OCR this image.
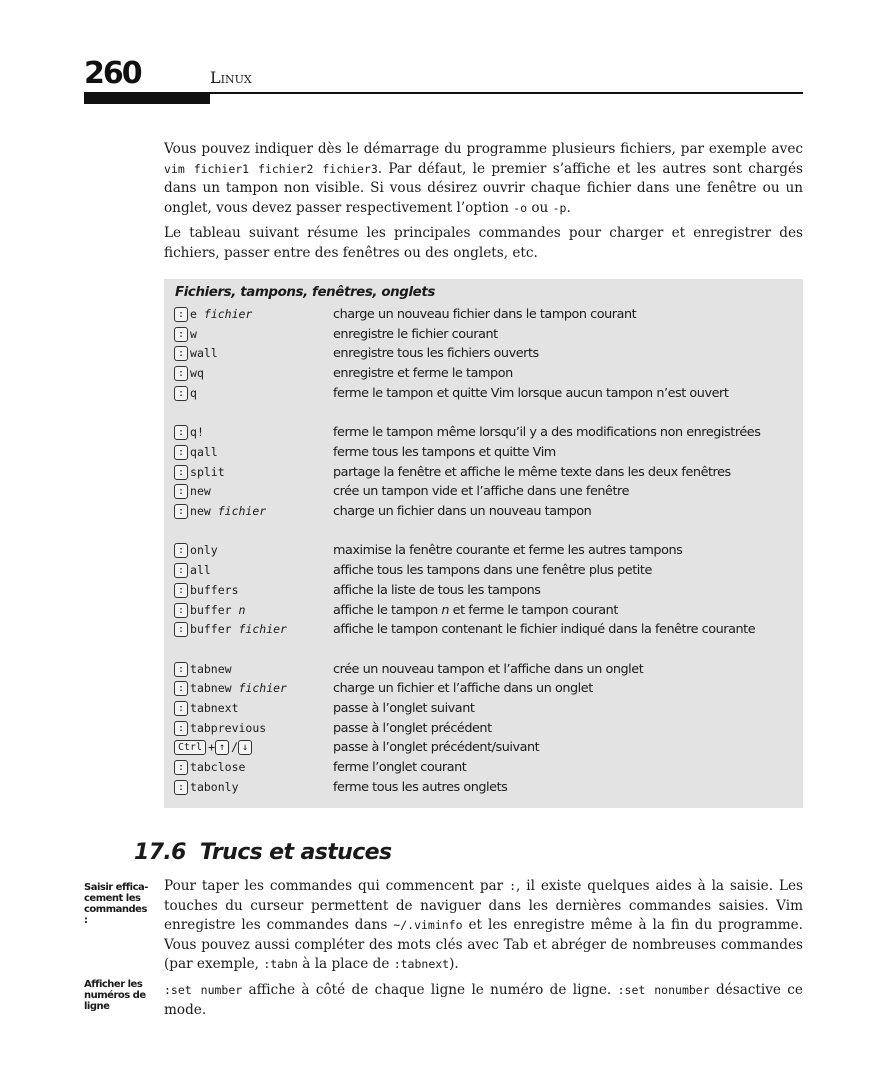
260	Linux

Vous pouvez indiquer dès le démarrage du programme plusieurs fichiers, par exemple avec vim fichier1 fichier2 fichier3. Par défaut, le premier s’affiche et les autres sont chargés dans un tampon non visible. Si vous désirez ouvrir chaque fichier dans une fenêtre ou un onglet, vous devez passer respectivement l’option -o ou -p.

Le tableau suivant résume les principales commandes pour charger et enregistrer des fichiers, passer entre des fenêtres ou des onglets, etc.

Fichiers, tampons, fenêtres, onglets
: e fichier	charge un nouveau fichier dans le tampon courant
: w	enregistre le fichier courant
: wall	enregistre tous les fichiers ouverts
: wq	enregistre et ferme le tampon
: q	ferme le tampon et quitte Vim lorsque aucun tampon n’est ouvert
: q!	ferme le tampon même lorsqu’il y a des modifications non enregistrées
: qall	ferme tous les tampons et quitte Vim
: split	partage la fenêtre et affiche le même texte dans les deux fenêtres
: new	crée un tampon vide et l’affiche dans une fenêtre
: new fichier	charge un fichier dans un nouveau tampon
: only	maximise la fenêtre courante et ferme les autres tampons
: all	affiche tous les tampons dans une fenêtre plus petite
: buffers	affiche la liste de tous les tampons
: buffer n	affiche le tampon n et ferme le tampon courant
: buffer fichier	affiche le tampon contenant le fichier indiqué dans la fenêtre courante
: tabnew	crée un nouveau tampon et l’affiche dans un onglet
: tabnew fichier	charge un fichier et l’affiche dans un onglet
: tabnext	passe à l’onglet suivant
: tabprevious	passe à l’onglet précédent
Ctrl + ↑ / ↓	passe à l’onglet précédent/suivant
: tabclose	ferme l’onglet courant
: tabonly	ferme tous les autres onglets
17.6 Trucs et astuces
Saisir effica-cement les commandes :
Afficher les numéros de ligne

Pour taper les commandes qui commencent par :, il existe quelques aides à la saisie. Les touches du curseur permettent de naviguer dans les dernières commandes saisies. Vim enregistre les commandes dans ~/.viminfo et les enregistre même à la fin du programme. Vous pouvez aussi compléter des mots clés avec Tab et abréger de nombreuses commandes (par exemple, :tabn à la place de :tabnext).

:set number affiche à côté de chaque ligne le numéro de ligne. :set nonumber désactive ce mode.
